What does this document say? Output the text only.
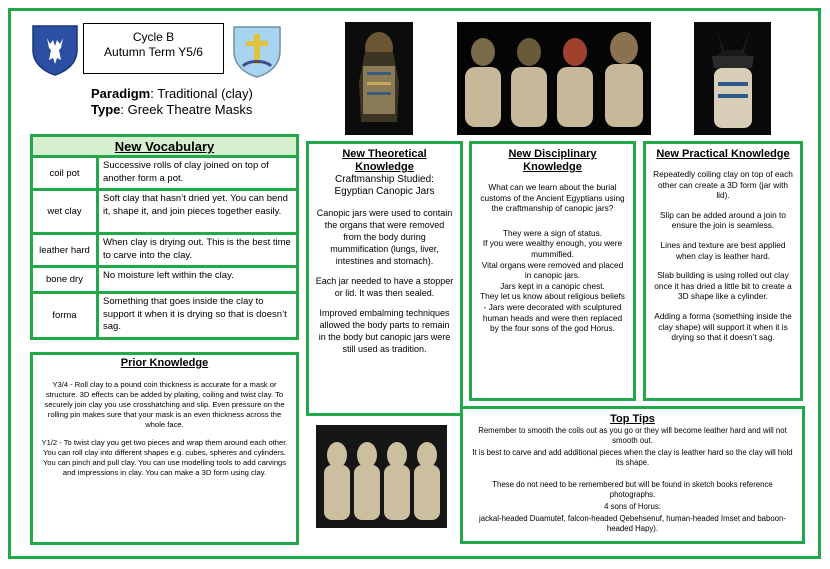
Cycle B
Autumn Term Y5/6
Paradigm: Traditional (clay)
Type: Greek Theatre Masks
New Vocabulary
coil pot
Successive rolls of clay joined on top of another form a pot.
wet clay
Soft clay that hasn’t dried yet. You can bend it, shape it, and join pieces together easily.
leather hard
When clay is drying out. This is the best time to carve into the clay.
bone dry	No moisture left within the clay.
forma
Something that goes inside the clay to support it when it is drying so that is doesn’t sag.
Prior Knowledge

Y3/4 - Roll clay to a pound coin thickness is accurate for a mask or structure. 3D effects can be added by plaiting, coiling and twist clay. To securely join clay you use crosshatching and slip. Even pressure on the rolling pin makes sure that your mask is an even thickness across the whole face.

Y1/2 - To twist clay you get two pieces and wrap them around each other. You can roll clay into different shapes e.g. cubes, spheres and cylinders. You can pinch and pull clay. You can use modelling tools to add carvings and impressions in clay. You can make a 3D form using clay.

New Theoretical Knowledge
Craftmanship Studied: Egyptian Canopic Jars

Canopic jars were used to contain the organs that were removed from the body during mummification (lungs, liver, intestines and stomach).

Each jar needed to have a stopper or lid. It was then sealed.

Improved embalming techniques allowed the body parts to remain in the body but canopic jars were still used as tradition.

New Disciplinary Knowledge

What can we learn about the burial customs of the Ancient Egyptians using the craftmanship of canopic jars?

They were a sign of status.
If you were wealthy enough, you were mummified.
Vital organs were removed and placed in canopic jars.
Jars kept in a canopic chest.
They let us know about religious beliefs - Jars were decorated with sculptured human heads and were then replaced by the four sons of the god Horus.
New Practical Knowledge

Repeatedly coiling clay on top of each other can create a 3D form (jar with lid).

Slip can be added around a join to ensure the join is seamless.

Lines and texture are best applied when clay is leather hard.

Slab building is using rolled out clay once it has dried a little bit to create a 3D shape like a cylinder.

Adding a forma (something inside the clay shape) will support it when it is drying so that it doesn’t sag.

Top Tips

Remember to smooth the coils out as you go or they will become leather hard and will not smooth out.

It is best to carve and add additional pieces when the clay is leather hard so the clay will hold its shape.

These do not need to be remembered but will be found in sketch books reference photographs.

4 sons of Horus:

jackal-headed Duamutef, falcon-headed Qebehsenuf, human-headed Imset and baboon-headed Hapy).
